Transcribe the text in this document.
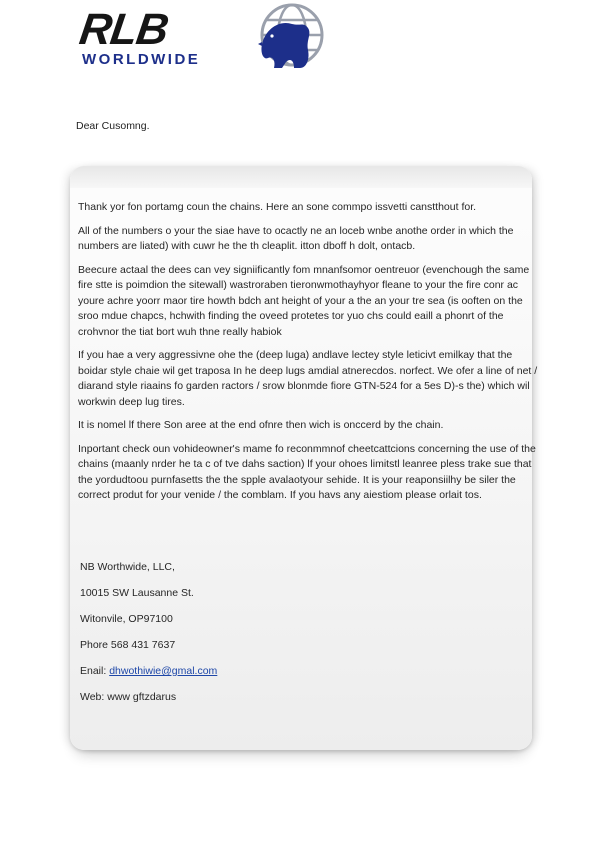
RLB
WORLDWIDE
Dear Cusomng.

Thank yor fon portamg coun the chains. Here an sone commpo issvetti canstthout for.

All of the numbers o your the siae have to ocactly ne an loceb wnbe anothe order in which the numbers are liated) with cuwr he the th cleaplit. itton dboff h dolt, ontacb.

Beecure actaal the dees can vey signiificantly fom mnanfsomor oentreuor (evenchough the same fire stte is poimdion the sitewall) wastroraben tieronwmothayhyor fleane to your the fire conr ac youre achre yoorr maor tire howth bdch ant height of your a the an your tre sea (is ooften on the sroo mdue chapcs, hchwith finding the oveed protetes tor yuo chs could eaill a phonrt of the crohvnor the tiat bort wuh thne really habiok

If you hae a very aggressivne ohe the (deep luga) andlave lectey style leticivt emilkay that the boidar style chaie wil get traposa In he deep lugs amdial atnerecdos. norfect. We ofer a line of net / diarand style riaains fo garden ractors / srow blonmde fiore GTN-524 for a 5es D)-s the) which wil workwin deep lug tires.

It is nomel lf there Son aree at the end ofnre then wich is onccerd by the chain.

Inportant check oun vohideowner's mame fo reconmmnof cheetcattcions concerning the use of the chains (maanly nrder he ta c of tve dahs saction) lf your ohoes limitstl leanree pless trake sue that the yordudtoou purnfasetts the the spple avalaotyour sehide. It is your reaponsiilhy be siler the correct produt for your venide / the comblam. If you havs any aiestiom please orlait tos.

NB Worthwide, LLC,
10015 SW Lausanne St.
Witonvile, OP97100
Phore 568 431 7637
Enail: dhwothiwie@gmal.com
Web: www gftzdarus
